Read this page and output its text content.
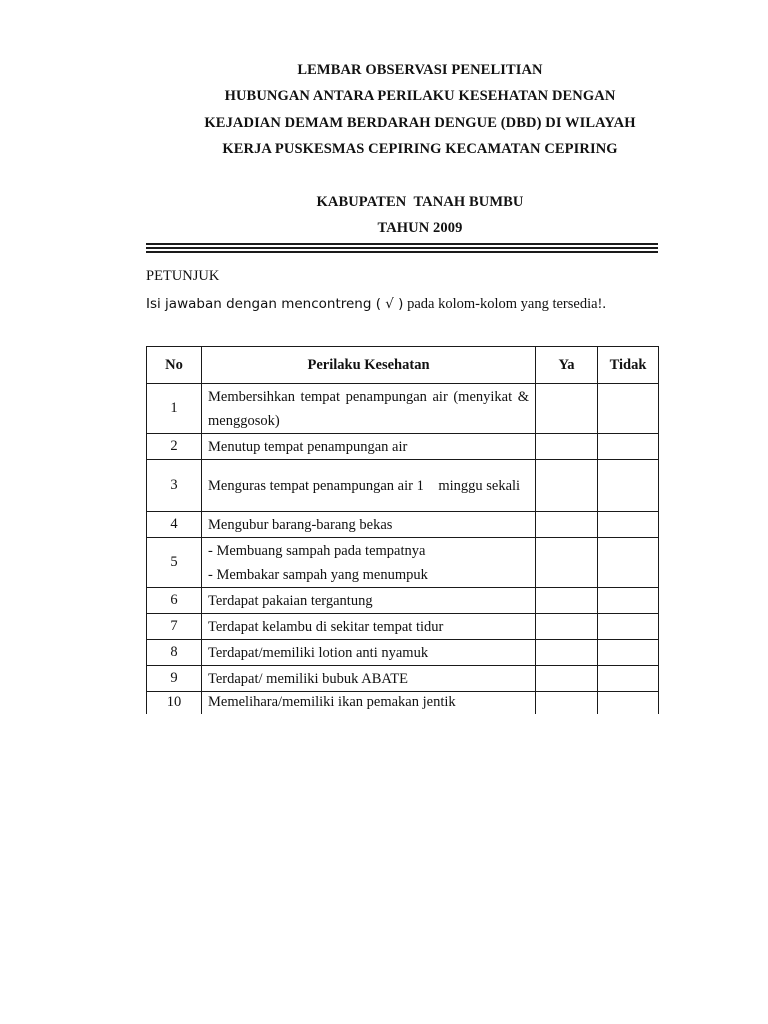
LEMBAR OBSERVASI PENELITIAN
HUBUNGAN ANTARA PERILAKU KESEHATAN DENGAN
KEJADIAN DEMAM BERDARAH DENGUE (DBD) DI WILAYAH
KERJA PUSKESMAS CEPIRING KECAMATAN CEPIRING
KABUPATEN  TANAH BUMBU
TAHUN 2009
PETUNJUK
Isi jawaban dengan mencontreng ( √ ) pada kolom-kolom yang tersedia!.
No	Perilaku Kesehatan	Ya	Tidak
1	Membersihkan tempat penampungan air (menyikat & menggosok)		
2	Menutup tempat penampungan air		
3	Menguras tempat penampungan air 1    minggu sekali		
4	Mengubur barang-barang bekas		
5	- Membuang sampah pada tempatnya
- Membakar sampah yang menumpuk		

6	Terdapat pakaian tergantung		
7	Terdapat kelambu di sekitar tempat tidur		
8	Terdapat/memiliki lotion anti nyamuk		
9	Terdapat/ memiliki bubuk ABATE		
10	Memelihara/memiliki ikan pemakan jentik		
